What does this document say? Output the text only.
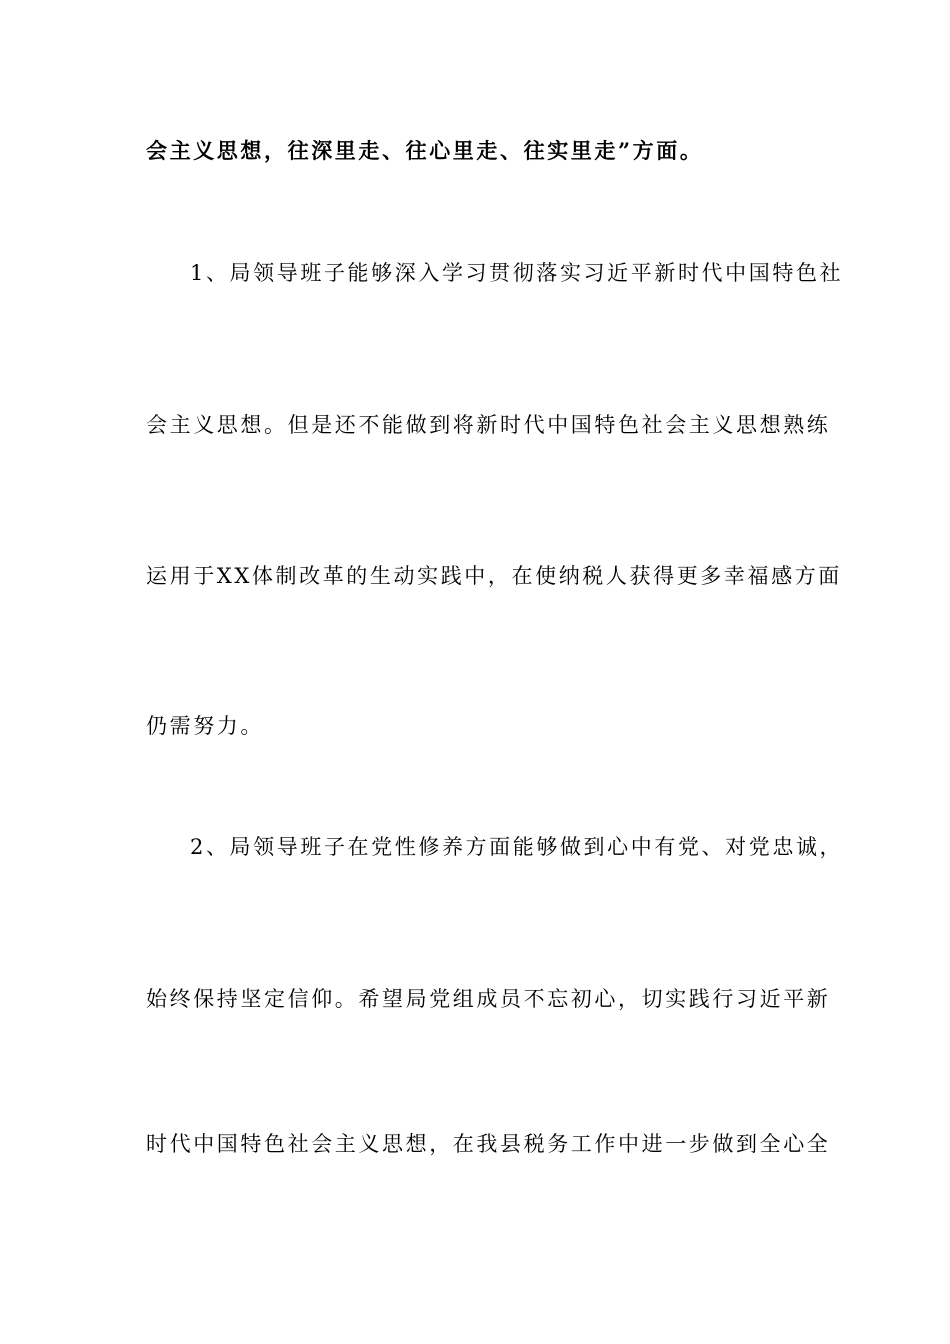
会主义思想，往深里走、往心里走、往实里走”方面。
1、局领导班子能够深入学习贯彻落实习近平新时代中国特色社
会主义思想。但是还不能做到将新时代中国特色社会主义思想熟练
运用于XX体制改革的生动实践中，在使纳税人获得更多幸福感方面
仍需努力。
2、局领导班子在党性修养方面能够做到心中有党、对党忠诚，
始终保持坚定信仰。希望局党组成员不忘初心，切实践行习近平新
时代中国特色社会主义思想，在我县税务工作中进一步做到全心全
